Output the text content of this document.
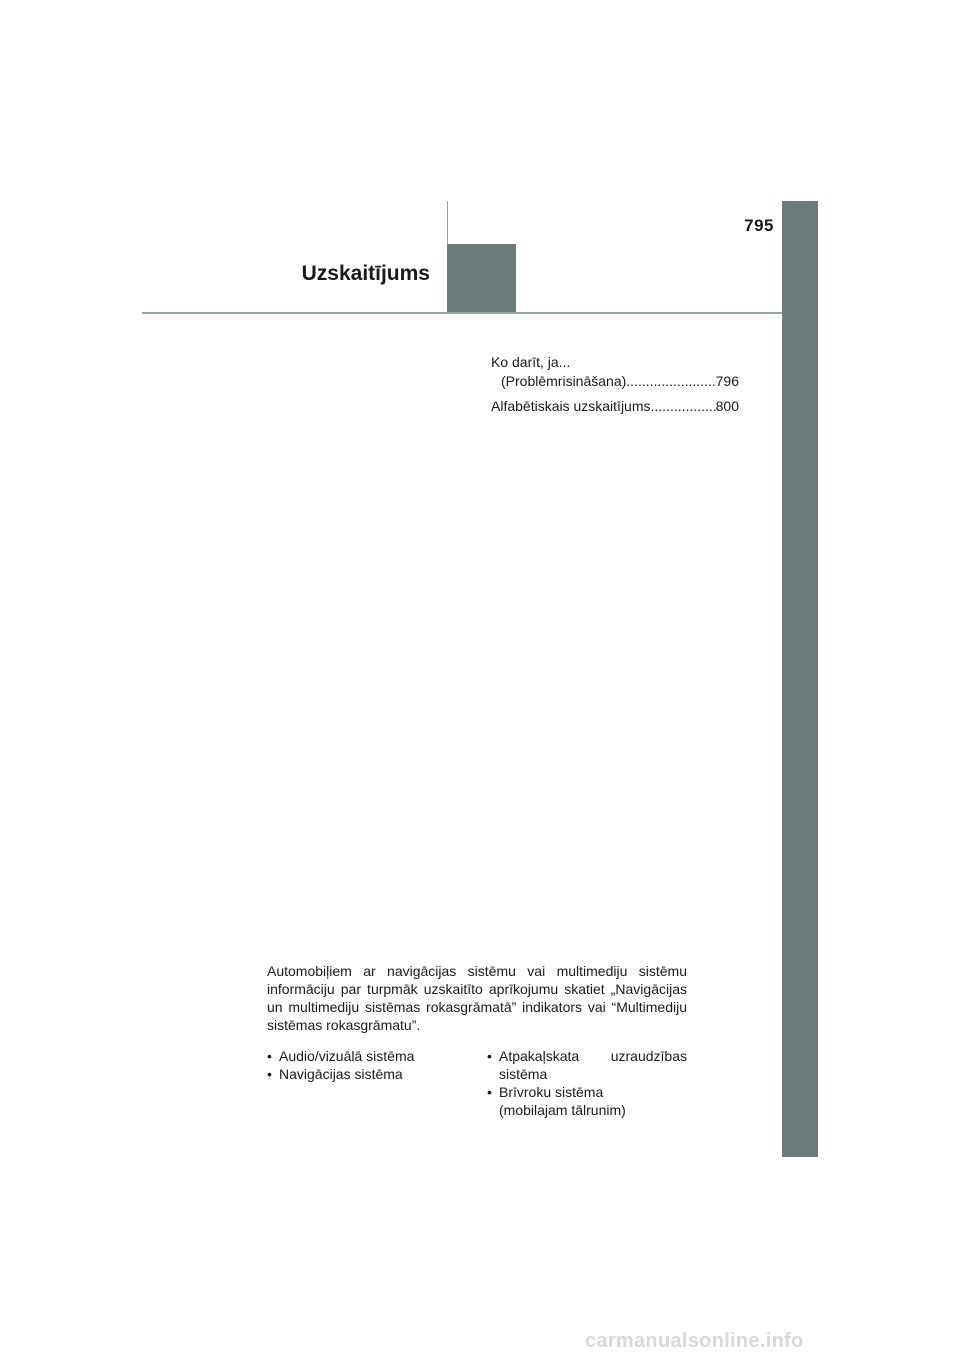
795
Uzskaitījums
Ko darīt, ja...
(Problēmrisināšana) .....	796
Alfabētiskais uzskaitījums .....	800
Automobiļiem ar navigācijas sistēmu vai multimediju sistēmu informāciju par turpmāk uzskaitīto aprīkojumu skatiet „Navigācijas un multimediju sistēmas rokasgrāmatā” indikators vai “Multimediju sistēmas rokasgrāmatu”.
• Audio/vizuālā sistēma
• Navigācijas sistēma
• Atpakaļskata uzraudzības
sistēma
• Brīvroku sistēma
(mobilajam tālrunim)
carmanualsonline.info
